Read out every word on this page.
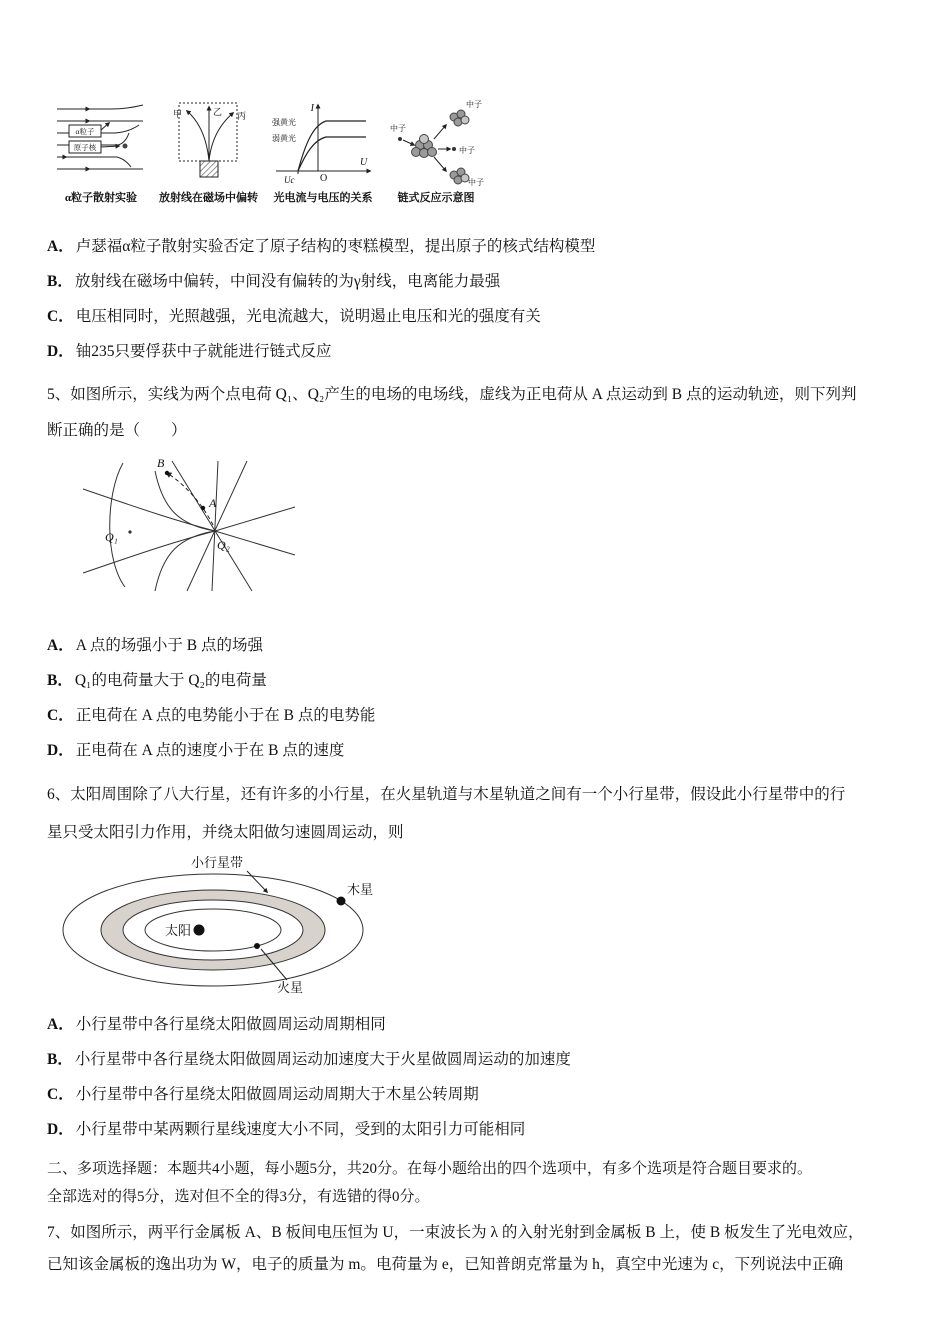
α粒子
原子核
α粒子散射实验
甲	乙 丙
放射线在磁场中偏转
I
U
O
Uc
强黄光
弱黄光
光电流与电压的关系
中子
中子
中子
中子
链式反应示意图
A． 卢瑟福α粒子散射实验否定了原子结构的枣糕模型，提出原子的核式结构模型
B． 放射线在磁场中偏转，中间没有偏转的为γ射线，电离能力最强
C． 电压相同时，光照越强，光电流越大，说明遏止电压和光的强度有关
D． 铀235只要俘获中子就能进行链式反应
5、如图所示，实线为两个点电荷 Q₁、Q₂产生的电场的电场线，虚线为正电荷从 A 点运动到 B 点的运动轨迹，则下列判
断正确的是（　　）
B
A
Q₁
Q₂
A． A 点的场强小于 B 点的场强
B． Q₁的电荷量大于 Q₂的电荷量
C． 正电荷在 A 点的电势能小于在 B 点的电势能
D． 正电荷在 A 点的速度小于在 B 点的速度
6、太阳周围除了八大行星，还有许多的小行星，在火星轨道与木星轨道之间有一个小行星带，假设此小行星带中的行
星只受太阳引力作用，并绕太阳做匀速圆周运动，则
小行星带
太阳
木星
火星
A． 小行星带中各行星绕太阳做圆周运动周期相同
B． 小行星带中各行星绕太阳做圆周运动加速度大于火星做圆周运动的加速度
C． 小行星带中各行星绕太阳做圆周运动周期大于木星公转周期
D． 小行星带中某两颗行星线速度大小不同，受到的太阳引力可能相同
二、多项选择题：本题共4小题，每小题5分，共20分。在每小题给出的四个选项中，有多个选项是符合题目要求的。
全部选对的得5分，选对但不全的得3分，有选错的得0分。
7、如图所示，两平行金属板 A、B 板间电压恒为 U，一束波长为 λ 的入射光射到金属板 B 上，使 B 板发生了光电效应，
已知该金属板的逸出功为 W，电子的质量为 m。电荷量为 e，已知普朗克常量为 h，真空中光速为 c，下列说法中正确
